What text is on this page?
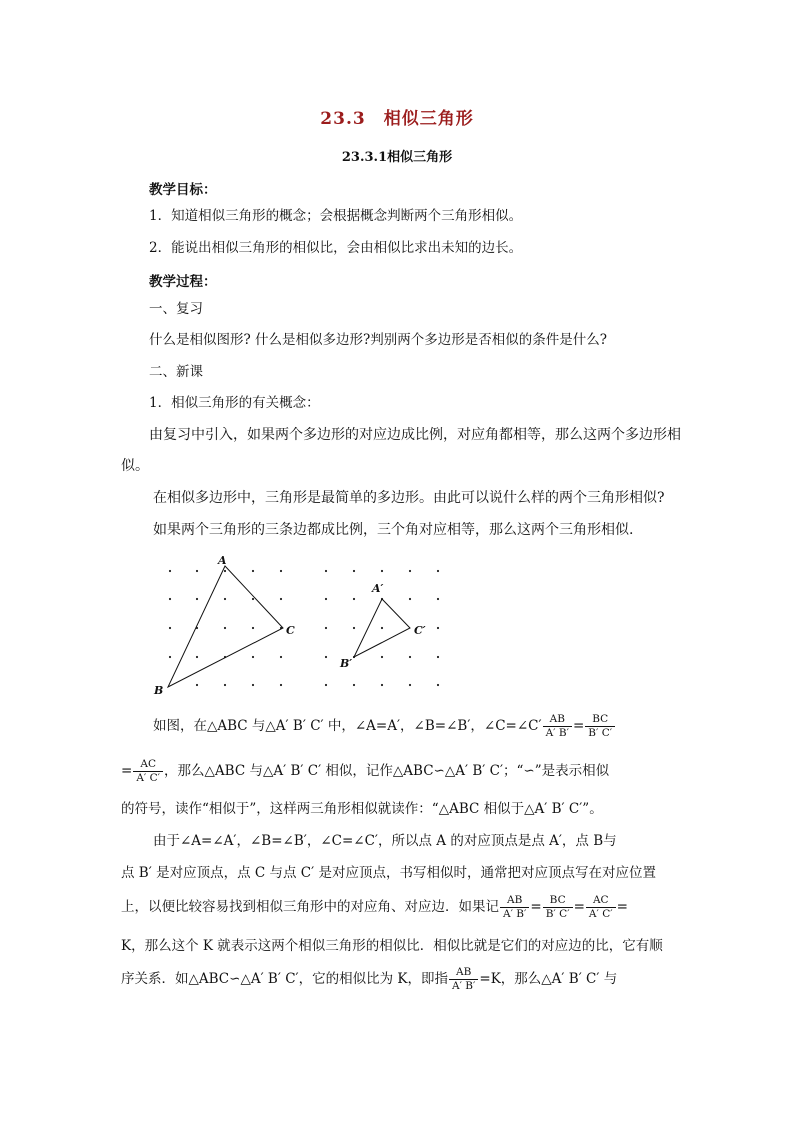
23.3　相似三角形
23.3.1相似三角形
教学目标：
1．知道相似三角形的概念；会根据概念判断两个三角形相似。
2．能说出相似三角形的相似比，会由相似比求出未知的边长。
教学过程：
一、复习
什么是相似图形? 什么是相似多边形?判别两个多边形是否相似的条件是什么?
二、新课
1．相似三角形的有关概念：
由复习中引入，如果两个多边形的对应边成比例，对应角都相等，那么这两个多边形相
似。
在相似多边形中，三角形是最简单的多边形。由此可以说什么样的两个三角形相似?
如果两个三角形的三条边都成比例，三个角对应相等，那么这两个三角形相似.
A
C
B
A′
C′
B′
如图，在△ABC 与△A′ B′ C′ 中，∠A=A′，∠B=∠B′，∠C=∠C′ $\frac{AB}{A' B'} = \frac{BC}{B' C'}$
= $\frac{AC}{A' C'}$ ，那么△ABC 与△A′ B′ C′ 相似，记作△ABC∽△A′ B′ C′；“∽”是表示相似
的符号，读作“相似于”，这样两三角形相似就读作：“△ABC 相似于△A′ B′ C′”。
由于∠A=∠A′，∠B=∠B′，∠C=∠C′，所以点 A 的对应顶点是点 A′，点 B与
点 B′ 是对应顶点，点 C 与点 C′ 是对应顶点，书写相似时，通常把对应顶点写在对应位置
上，以便比较容易找到相似三角形中的对应角、对应边．如果记 $\frac{AB}{A' B'} = \frac{BC}{B' C'} = \frac{AC}{A' C'}$ =
K，那么这个 K 就表示这两个相似三角形的相似比．相似比就是它们的对应边的比，它有顺
序关系．如△ABC∽△A′ B′ C′，它的相似比为 K，即指 $\frac{AB}{A' B'} =K$，那么△A′ B′ C′ 与
